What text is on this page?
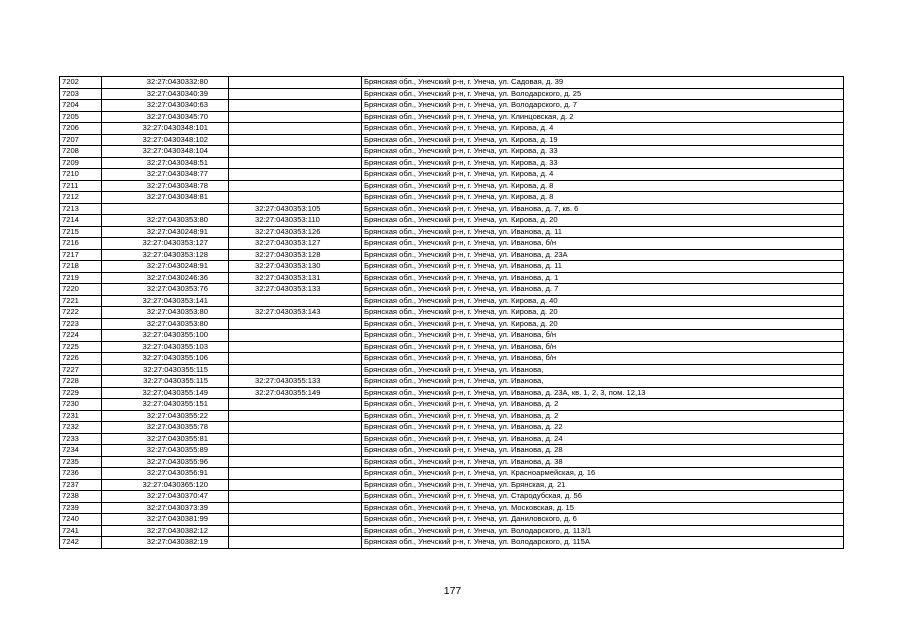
7202	32:27:0430332:80		Брянская обл., Унечский р-н, г. Унеча, ул. Садовая, д. 39
7203	32:27:0430340:39		Брянская обл., Унечский р-н, г. Унеча, ул. Володарского, д. 25
7204	32:27:0430340:63		Брянская обл., Унечский р-н, г. Унеча, ул. Володарского, д. 7
7205	32:27:0430345:70		Брянская обл., Унечский р-н, г. Унеча, ул. Клинцовская, д. 2
7206	32:27:0430348:101		Брянская обл., Унечский р-н, г. Унеча, ул. Кирова, д. 4
7207	32:27:0430348:102		Брянская обл., Унечский р-н, г. Унеча, ул. Кирова, д. 19
7208	32:27:0430348:104		Брянская обл., Унечский р-н, г. Унеча, ул. Кирова, д. 33
7209	32:27:0430348:51		Брянская обл., Унечский р-н, г. Унеча, ул. Кирова, д. 33
7210	32:27:0430348:77		Брянская обл., Унечский р-н, г. Унеча, ул. Кирова, д. 4
7211	32:27:0430348:78		Брянская обл., Унечский р-н, г. Унеча, ул. Кирова, д. 8
7212	32:27:0430348:81		Брянская обл., Унечский р-н, г. Унеча, ул. Кирова, д. 8
7213		32:27:0430353:105	Брянская обл., Унечский р-н, г. Унеча, ул. Иванова, д. 7, кв. 6
7214	32:27:0430353:80	32:27:0430353:110	Брянская обл., Унечский р-н, г. Унеча, ул. Кирова, д. 20
7215	32:27:0430248:91	32:27:0430353:126	Брянская обл., Унечский р-н, г. Унеча, ул. Иванова, д. 11
7216	32:27:0430353:127	32:27:0430353:127	Брянская обл., Унечский р-н, г. Унеча, ул. Иванова, б/н
7217	32:27:0430353:128	32:27:0430353:128	Брянская обл., Унечский р-н, г. Унеча, ул. Иванова, д. 23А
7218	32:27:0430248:91	32:27:0430353:130	Брянская обл., Унечский р-н, г. Унеча, ул. Иванова, д. 11
7219	32:27:0430246:36	32:27:0430353:131	Брянская обл., Унечский р-н, г. Унеча, ул. Иванова, д. 1
7220	32:27:0430353:76	32:27:0430353:133	Брянская обл., Унечский р-н, г. Унеча, ул. Иванова, д. 7
7221	32:27:0430353:141		Брянская обл., Унечский р-н, г. Унеча, ул. Кирова, д. 40
7222	32:27:0430353:80	32:27:0430353:143	Брянская обл., Унечский р-н, г. Унеча, ул. Кирова, д. 20
7223	32:27:0430353:80		Брянская обл., Унечский р-н, г. Унеча, ул. Кирова, д. 20
7224	32:27:0430355:100		Брянская обл., Унечский р-н, г. Унеча, ул. Иванова, б/н
7225	32:27:0430355:103		Брянская обл., Унечский р-н, г. Унеча, ул. Иванова, б/н
7226	32:27:0430355:106		Брянская обл., Унечский р-н, г. Унеча, ул. Иванова, б/н
7227	32:27:0430355:115		Брянская обл., Унечский р-н, г. Унеча, ул. Иванова,
7228	32:27:0430355:115	32:27:0430355:133	Брянская обл., Унечский р-н, г. Унеча, ул. Иванова,
7229	32:27:0430355:149	32:27:0430355:149	Брянская обл., Унечский р-н, г. Унеча, ул. Иванова, д. 23А, кв. 1, 2, 3, пом. 12,13
7230	32:27:0430355:151		Брянская обл., Унечский р-н, г. Унеча, ул. Иванова, д. 2
7231	32:27:0430355:22		Брянская обл., Унечский р-н, г. Унеча, ул. Иванова, д. 2
7232	32:27:0430355:78		Брянская обл., Унечский р-н, г. Унеча, ул. Иванова, д. 22
7233	32:27:0430355:81		Брянская обл., Унечский р-н, г. Унеча, ул. Иванова, д. 24
7234	32:27:0430355:89		Брянская обл., Унечский р-н, г. Унеча, ул. Иванова, д. 28
7235	32:27:0430355:96		Брянская обл., Унечский р-н, г. Унеча, ул. Иванова, д. 38
7236	32:27:0430356:91		Брянская обл., Унечский р-н, г. Унеча, ул. Красноармейская, д. 16
7237	32:27:0430365:120		Брянская обл., Унечский р-н, г. Унеча, ул. Брянская, д. 21
7238	32:27:0430370:47		Брянская обл., Унечский р-н, г. Унеча, ул. Стародубская, д. 56
7239	32:27:0430373:39		Брянская обл., Унечский р-н, г. Унеча, ул. Московская, д. 15
7240	32:27:0430381:99		Брянская обл., Унечский р-н, г. Унеча, ул. Даниловского, д. 6
7241	32:27:0430382:12		Брянская обл., Унечский р-н, г. Унеча, ул. Володарского, д. 113/1
7242	32:27:0430382:19		Брянская обл., Унечский р-н, г. Унеча, ул. Володарского, д. 115А
177
